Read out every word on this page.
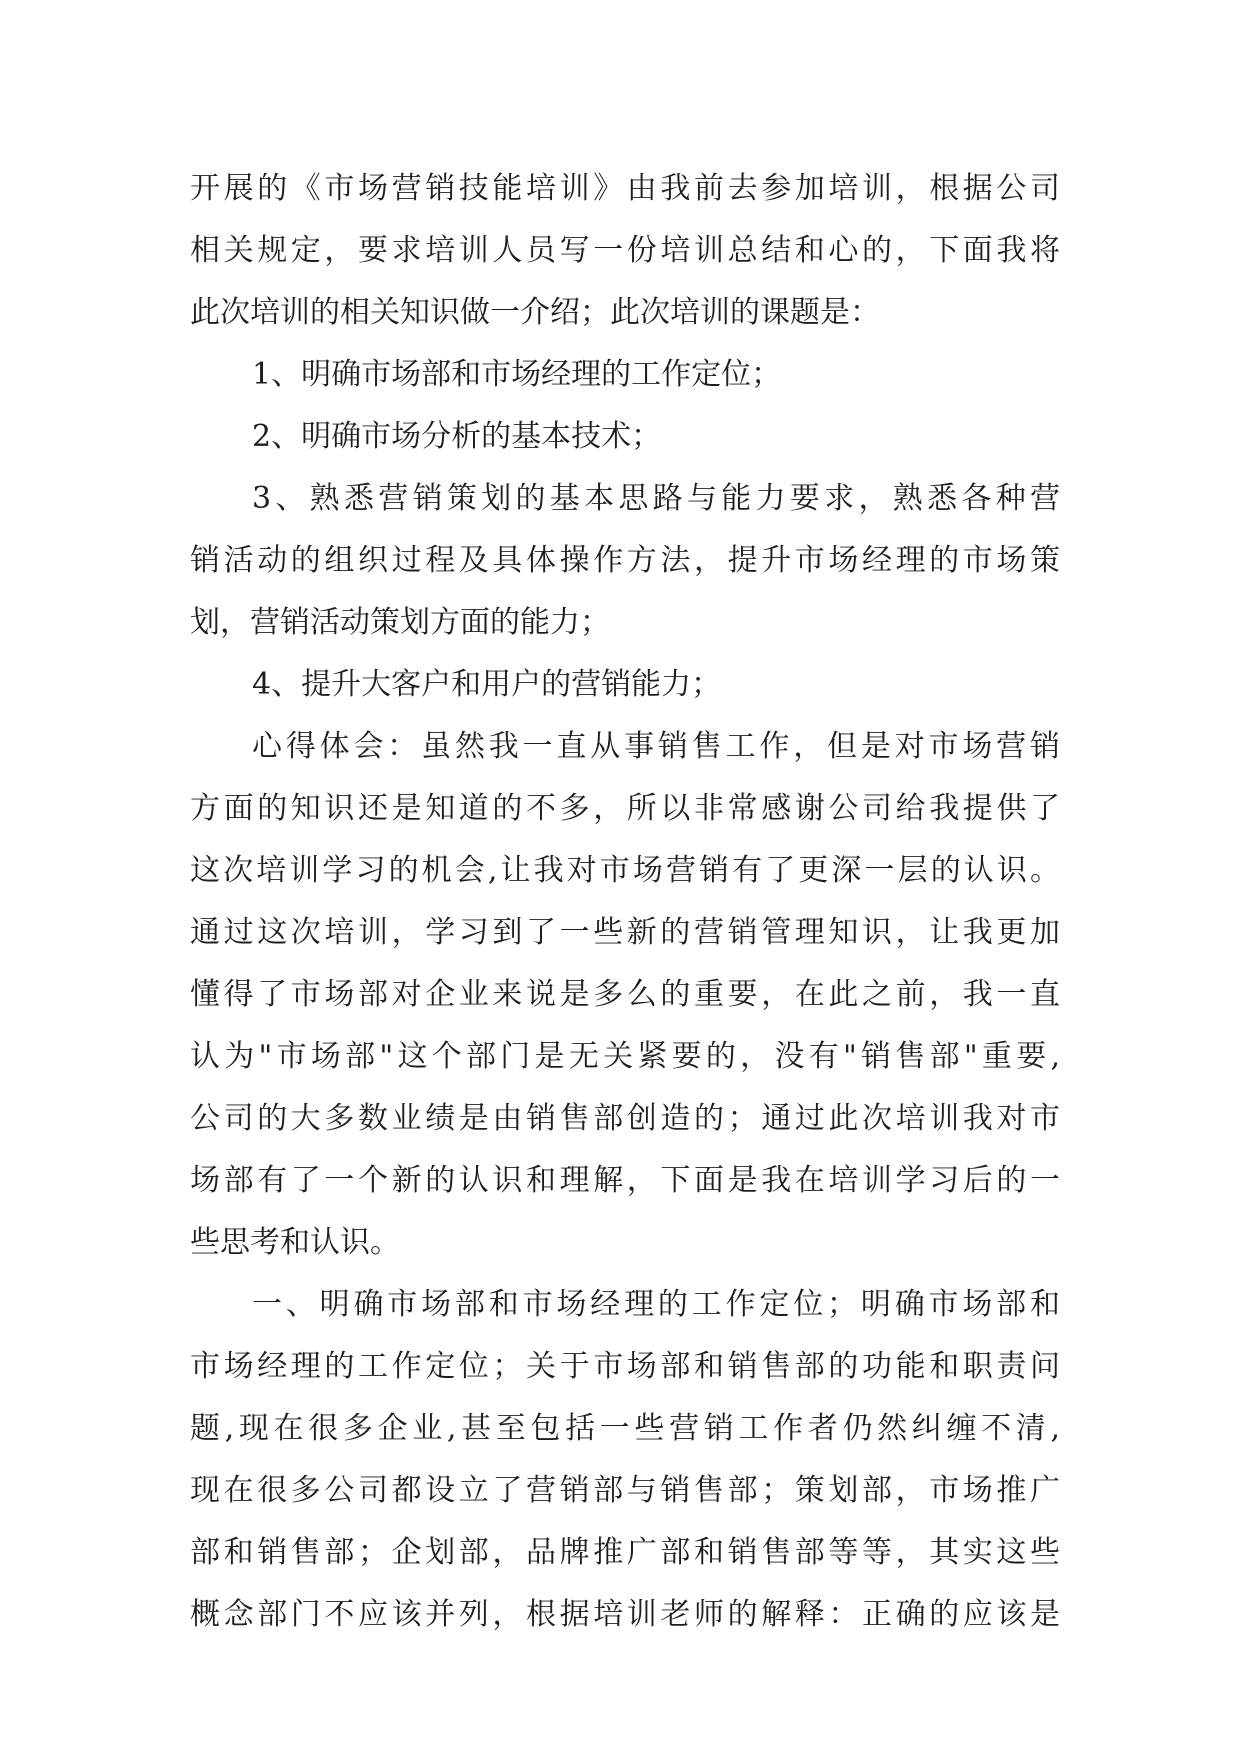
开展的《市场营销技能培训》由我前去参加培训，根据公司
相关规定，要求培训人员写一份培训总结和心的，下面我将
此次培训的相关知识做一介绍；此次培训的课题是：
1、明确市场部和市场经理的工作定位；
2、明确市场分析的基本技术；
3、熟悉营销策划的基本思路与能力要求，熟悉各种营
销活动的组织过程及具体操作方法，提升市场经理的市场策
划，营销活动策划方面的能力；
4、提升大客户和用户的营销能力；
心得体会：虽然我一直从事销售工作，但是对市场营销
方面的知识还是知道的不多，所以非常感谢公司给我提供了
这次培训学习的机会,让我对市场营销有了更深一层的认识。
通过这次培训，学习到了一些新的营销管理知识，让我更加
懂得了市场部对企业来说是多么的重要，在此之前，我一直
认为"市场部"这个部门是无关紧要的，没有"销售部"重要,
公司的大多数业绩是由销售部创造的；通过此次培训我对市
场部有了一个新的认识和理解，下面是我在培训学习后的一
些思考和认识。
一、明确市场部和市场经理的工作定位；明确市场部和
市场经理的工作定位；关于市场部和销售部的功能和职责问
题,现在很多企业,甚至包括一些营销工作者仍然纠缠不清,
现在很多公司都设立了营销部与销售部；策划部，市场推广
部和销售部；企划部，品牌推广部和销售部等等，其实这些
概念部门不应该并列，根据培训老师的解释：正确的应该是
